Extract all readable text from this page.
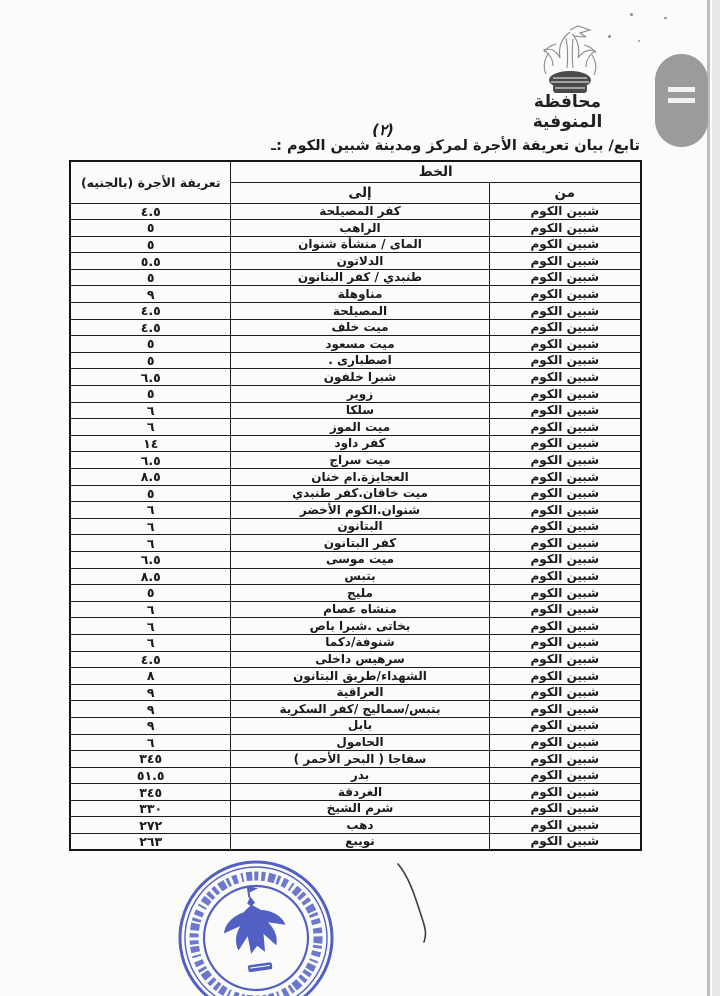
محافظة المنوفية
(٢)
تابع/ بيان تعريفة الأجرة لمركز ومدينة شبين الكوم :ـ
الخط		تعريفة الأجرة (بالجنيه)
من	إلى	
شبين الكوم	كفر المصيلحة	٤.٥
شبين الكوم	الراهب	٥
شبين الكوم	الماى / منشأة شنوان	٥
شبين الكوم	الدلاتون	٥.٥
شبين الكوم	طنبدي / كفر البتانون	٥
شبين الكوم	مناوهلة	٩
شبين الكوم	المصيلحة	٤.٥
شبين الكوم	ميت خلف	٤.٥
شبين الكوم	ميت مسعود	٥
شبين الكوم	اصطبارى .	٥
شبين الكوم	شبرا خلفون	٦.٥
شبين الكوم	زوير	٥
شبين الكوم	سلكا	٦
شبين الكوم	ميت الموز	٦
شبين الكوم	كفر داود	١٤
شبين الكوم	ميت سراج	٦.٥
شبين الكوم	العجايزة.ام خنان	٨.٥
شبين الكوم	ميت خاقان.كفر طنبدي	٥
شبين الكوم	شنوان.الكوم الأخضر	٦
شبين الكوم	البتانون	٦
شبين الكوم	كفر البتانون	٦
شبين الكوم	ميت موسى	٦.٥
شبين الكوم	بتبس	٨.٥
شبين الكوم	مليج	٥
شبين الكوم	منشاه عصام	٦
شبين الكوم	بخاتى .شبرا باص	٦
شبين الكوم	شنوفة/دكما	٦
شبين الكوم	سرهيس داخلى	٤.٥
شبين الكوم	الشهداء/طريق البتانون	٨
شبين الكوم	العراقية	٩
شبين الكوم	بتبس/سماليج /كفر السكرية	٩
شبين الكوم	بابل	٩
شبين الكوم	الحامول	٦
شبين الكوم	سفاجا ( البحر الأحمر )	٣٤٥
شبين الكوم	بدر	٥١.٥
شبين الكوم	الغردقة	٣٤٥
شبين الكوم	شرم الشيخ	٣٣٠
شبين الكوم	دهب	٢٧٢
شبين الكوم	نويبع	٢٦٣
